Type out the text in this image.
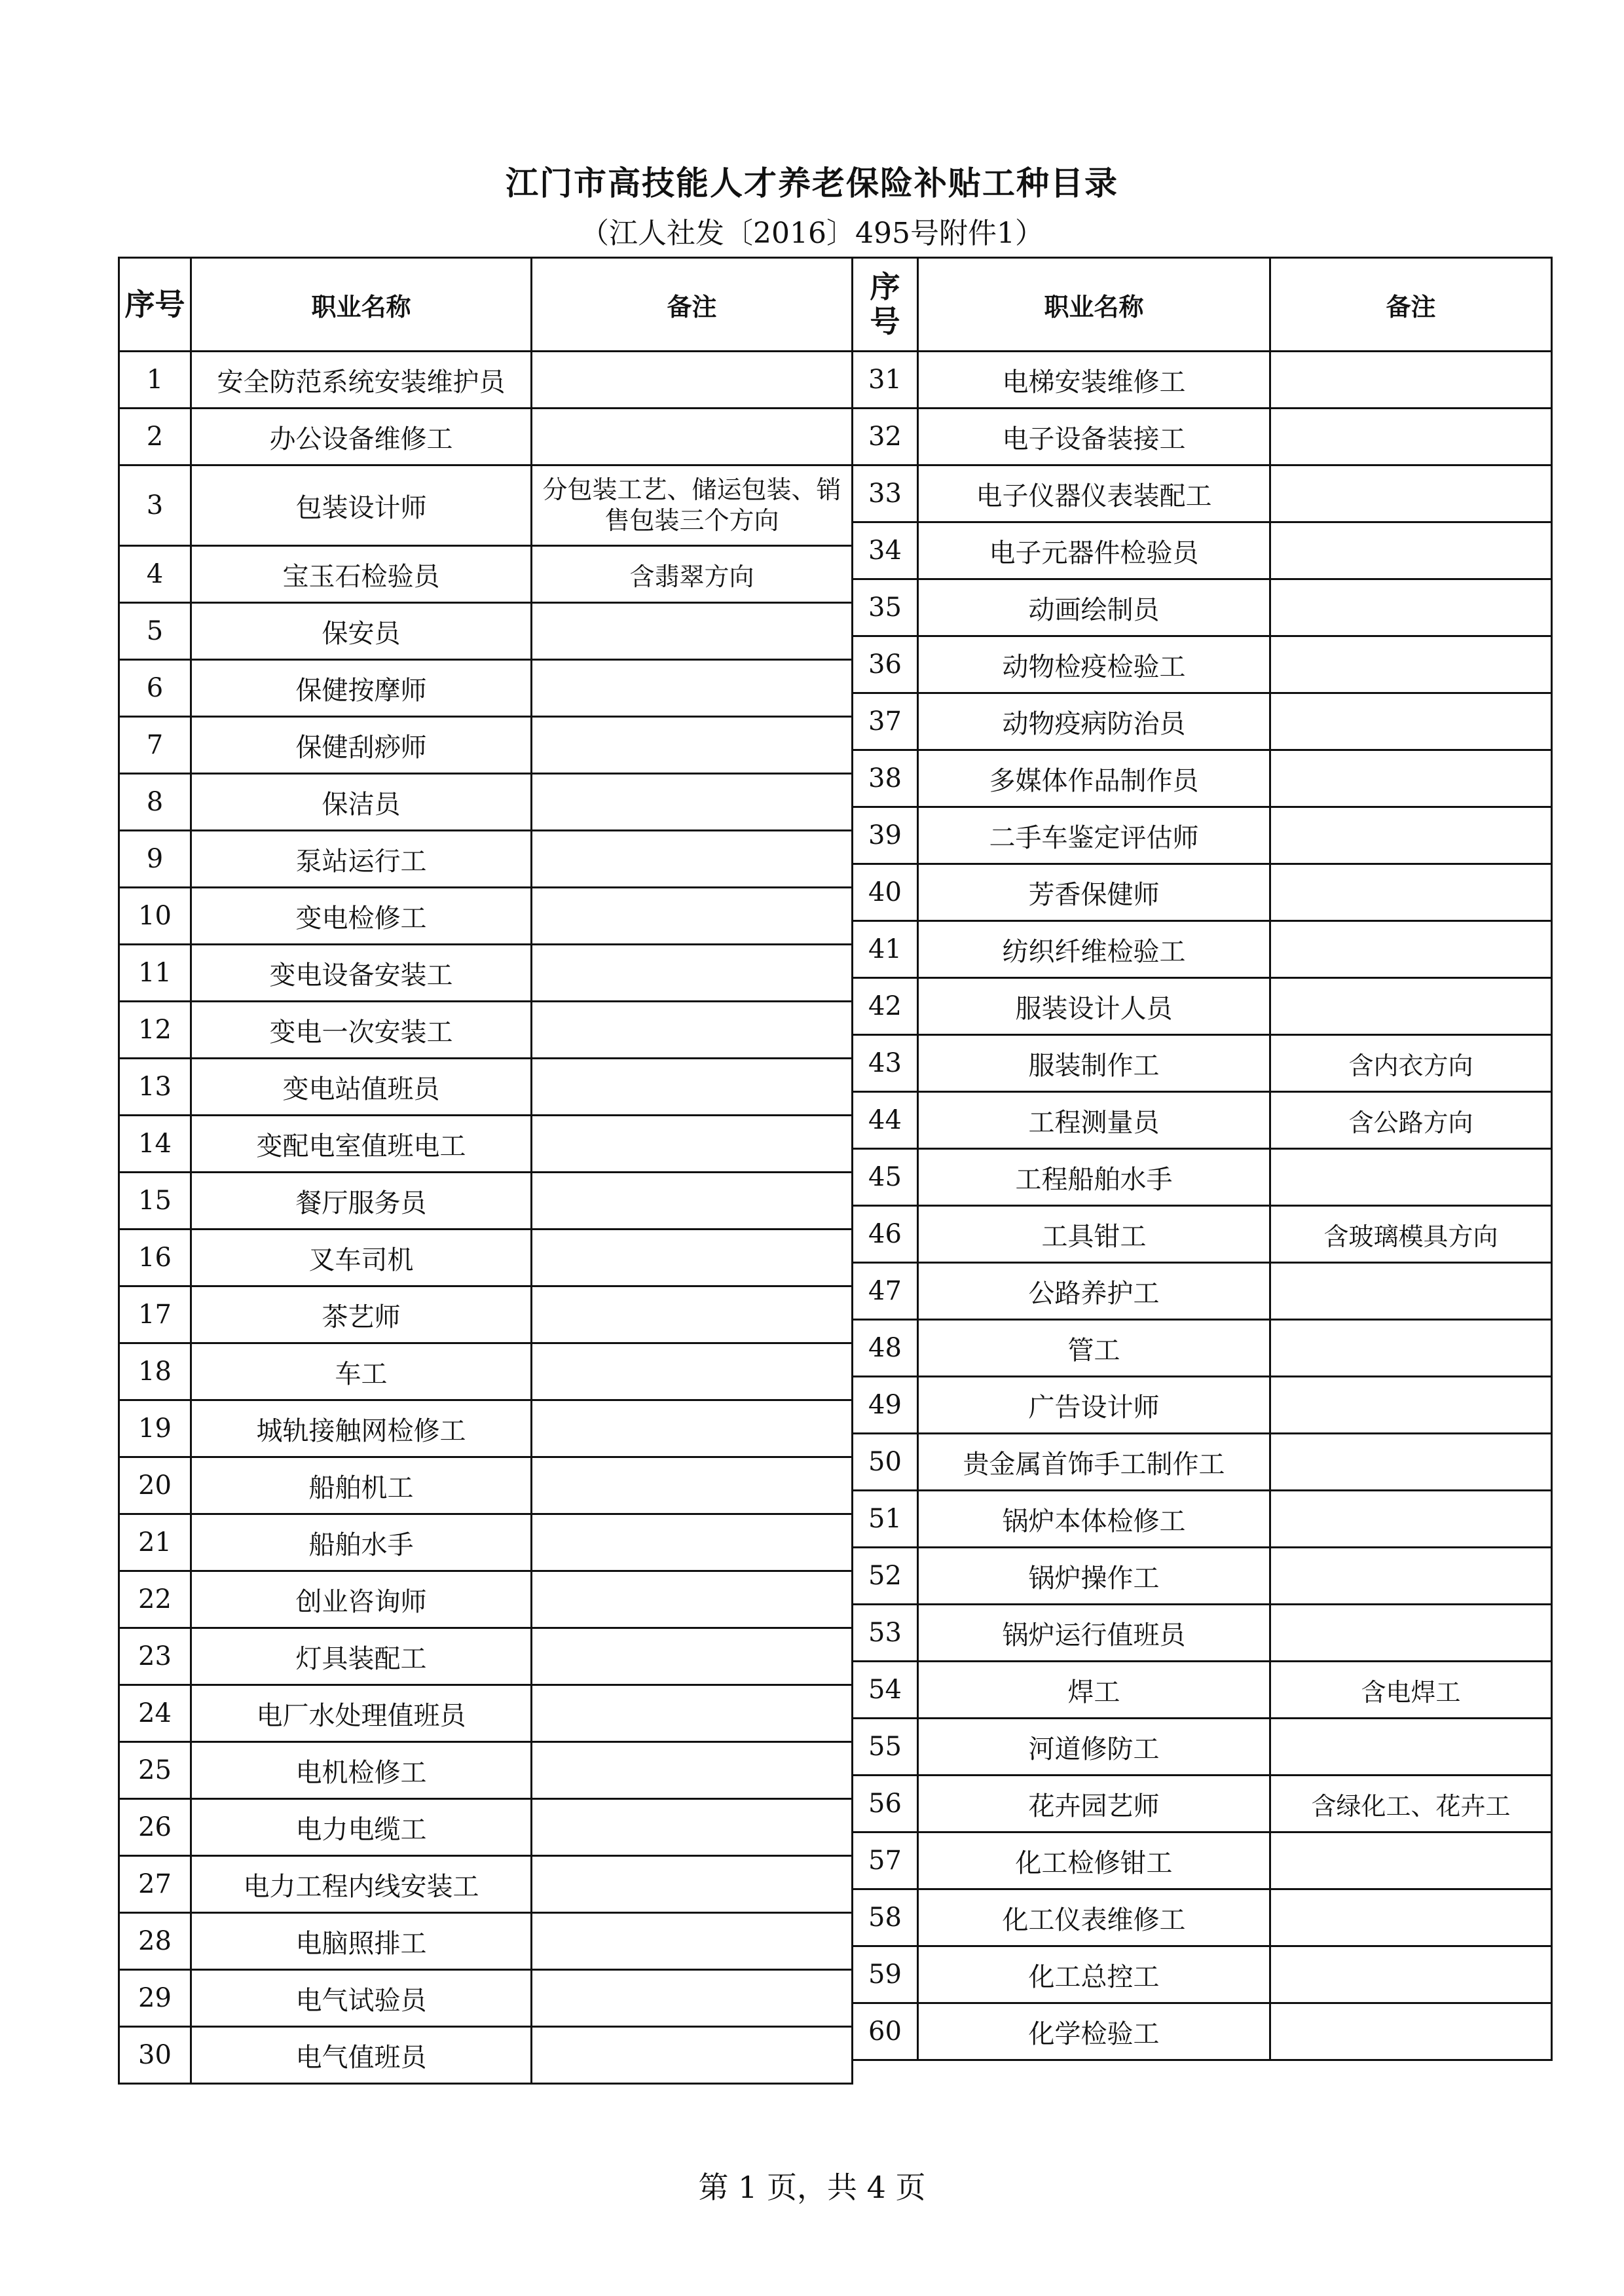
江门市高技能人才养老保险补贴工种目录
（江人社发〔2016〕495号附件1）
序号	职业名称	备注
1	安全防范系统安装维护员	
2	办公设备维修工	
3	包装设计师	分包装工艺、储运包装、销售包装三个方向
4	宝玉石检验员	含翡翠方向
5	保安员	
6	保健按摩师	
7	保健刮痧师	
8	保洁员	
9	泵站运行工	
10	变电检修工	
11	变电设备安装工	
12	变电一次安装工	
13	变电站值班员	
14	变配电室值班电工	
15	餐厅服务员	
16	叉车司机	
17	茶艺师	
18	车工	
19	城轨接触网检修工	
20	船舶机工	
21	船舶水手	
22	创业咨询师	
23	灯具装配工	
24	电厂水处理值班员	
25	电机检修工	
26	电力电缆工	
27	电力工程内线安装工	
28	电脑照排工	
29	电气试验员	
30	电气值班员	
序号	职业名称	备注
31	电梯安装维修工	
32	电子设备装接工	
33	电子仪器仪表装配工	
34	电子元器件检验员	
35	动画绘制员	
36	动物检疫检验工	
37	动物疫病防治员	
38	多媒体作品制作员	
39	二手车鉴定评估师	
40	芳香保健师	
41	纺织纤维检验工	
42	服装设计人员	
43	服装制作工	含内衣方向
44	工程测量员	含公路方向
45	工程船舶水手	
46	工具钳工	含玻璃模具方向
47	公路养护工	
48	管工	
49	广告设计师	
50	贵金属首饰手工制作工	
51	锅炉本体检修工	
52	锅炉操作工	
53	锅炉运行值班员	
54	焊工	含电焊工
55	河道修防工	
56	花卉园艺师	含绿化工、花卉工
57	化工检修钳工	
58	化工仪表维修工	
59	化工总控工	
60	化学检验工	
第 1 页，共 4 页
